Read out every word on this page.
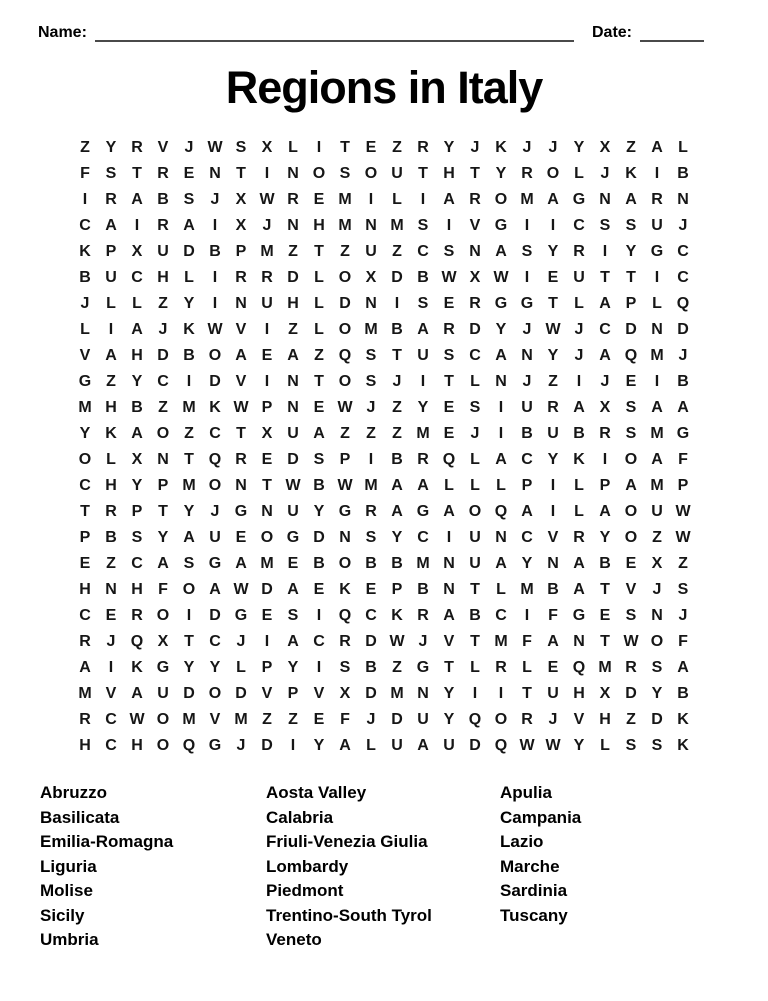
Name:	Date:
Regions in Italy
Z Y R V	J W S X L	I	T E Z R Y	J K J	J	Y X Z A L
F S T R E N T	I	N O S O U T H T Y R O L	J K	I	B
I	R A B S	J	X W R E M	I	L	I	A R O M A G N A R N
C A	I	R A	I	X	J N H M N M S	I	V G	I	I	C S S U J
K P X U D B P M Z	T	Z U Z C S N A S Y R	I	Y G C
B U C H L	I	R R D L O X D B W X W	I	E U T	T	I	C
J	L	L	Z Y	I	N U H L D N	I	S E R G G T	L A P L Q
L	I	A J K W V	I	Z	L O M B A R D Y	J W J C D N D
V A H D B O A E A Z Q S T U S C A N Y	J A Q M J
G Z Y C	I	D V	I	N T O S	J	I	T	L N J	Z	I	J	E	I	B
M H B Z M K W P N E W J	Z Y E S	I	U R A X S A A
Y K A O Z C T X U A Z	Z	Z M E	J	I	B U B R S M G
O L X N T Q R E D S P	I	B R Q L A C Y K	I	O A F
C H Y P M O N T W B W M A A L	L	L P	I	L P A M P
T R P T Y	J G N U Y G R A G A O Q A	I	L A O U W
P B S Y A U E O G D N S Y C	I	U N C V R Y O Z W
E Z C A S G A M E B O B B M N U A Y N A B E X Z
H N H F O A W D A E K E P B N T	L M B A T V	J	S
C E R O	I	D G E S	I	Q C K R A B C	I	F G E S N J
R J Q X T C J	I	A C R D W J	V T M F A N T W O F
A	I	K G Y Y L P Y	I	S B Z G T	L R L E Q M R S A
M V A U D O D V P V X D M N Y	I	I	T U H X D Y B
R C W O M V M Z	Z E F	J D U Y Q O R J	V H Z D K
H C H O Q G J D	I	Y A L U A U D Q W W Y L S S K
Abruzzo
Basilicata
Emilia-Romagna
Liguria
Molise
Sicily
Umbria
Aosta Valley
Calabria
Friuli-Venezia Giulia
Lombardy
Piedmont
Trentino-South Tyrol
Veneto
Apulia
Campania
Lazio
Marche
Sardinia
Tuscany
